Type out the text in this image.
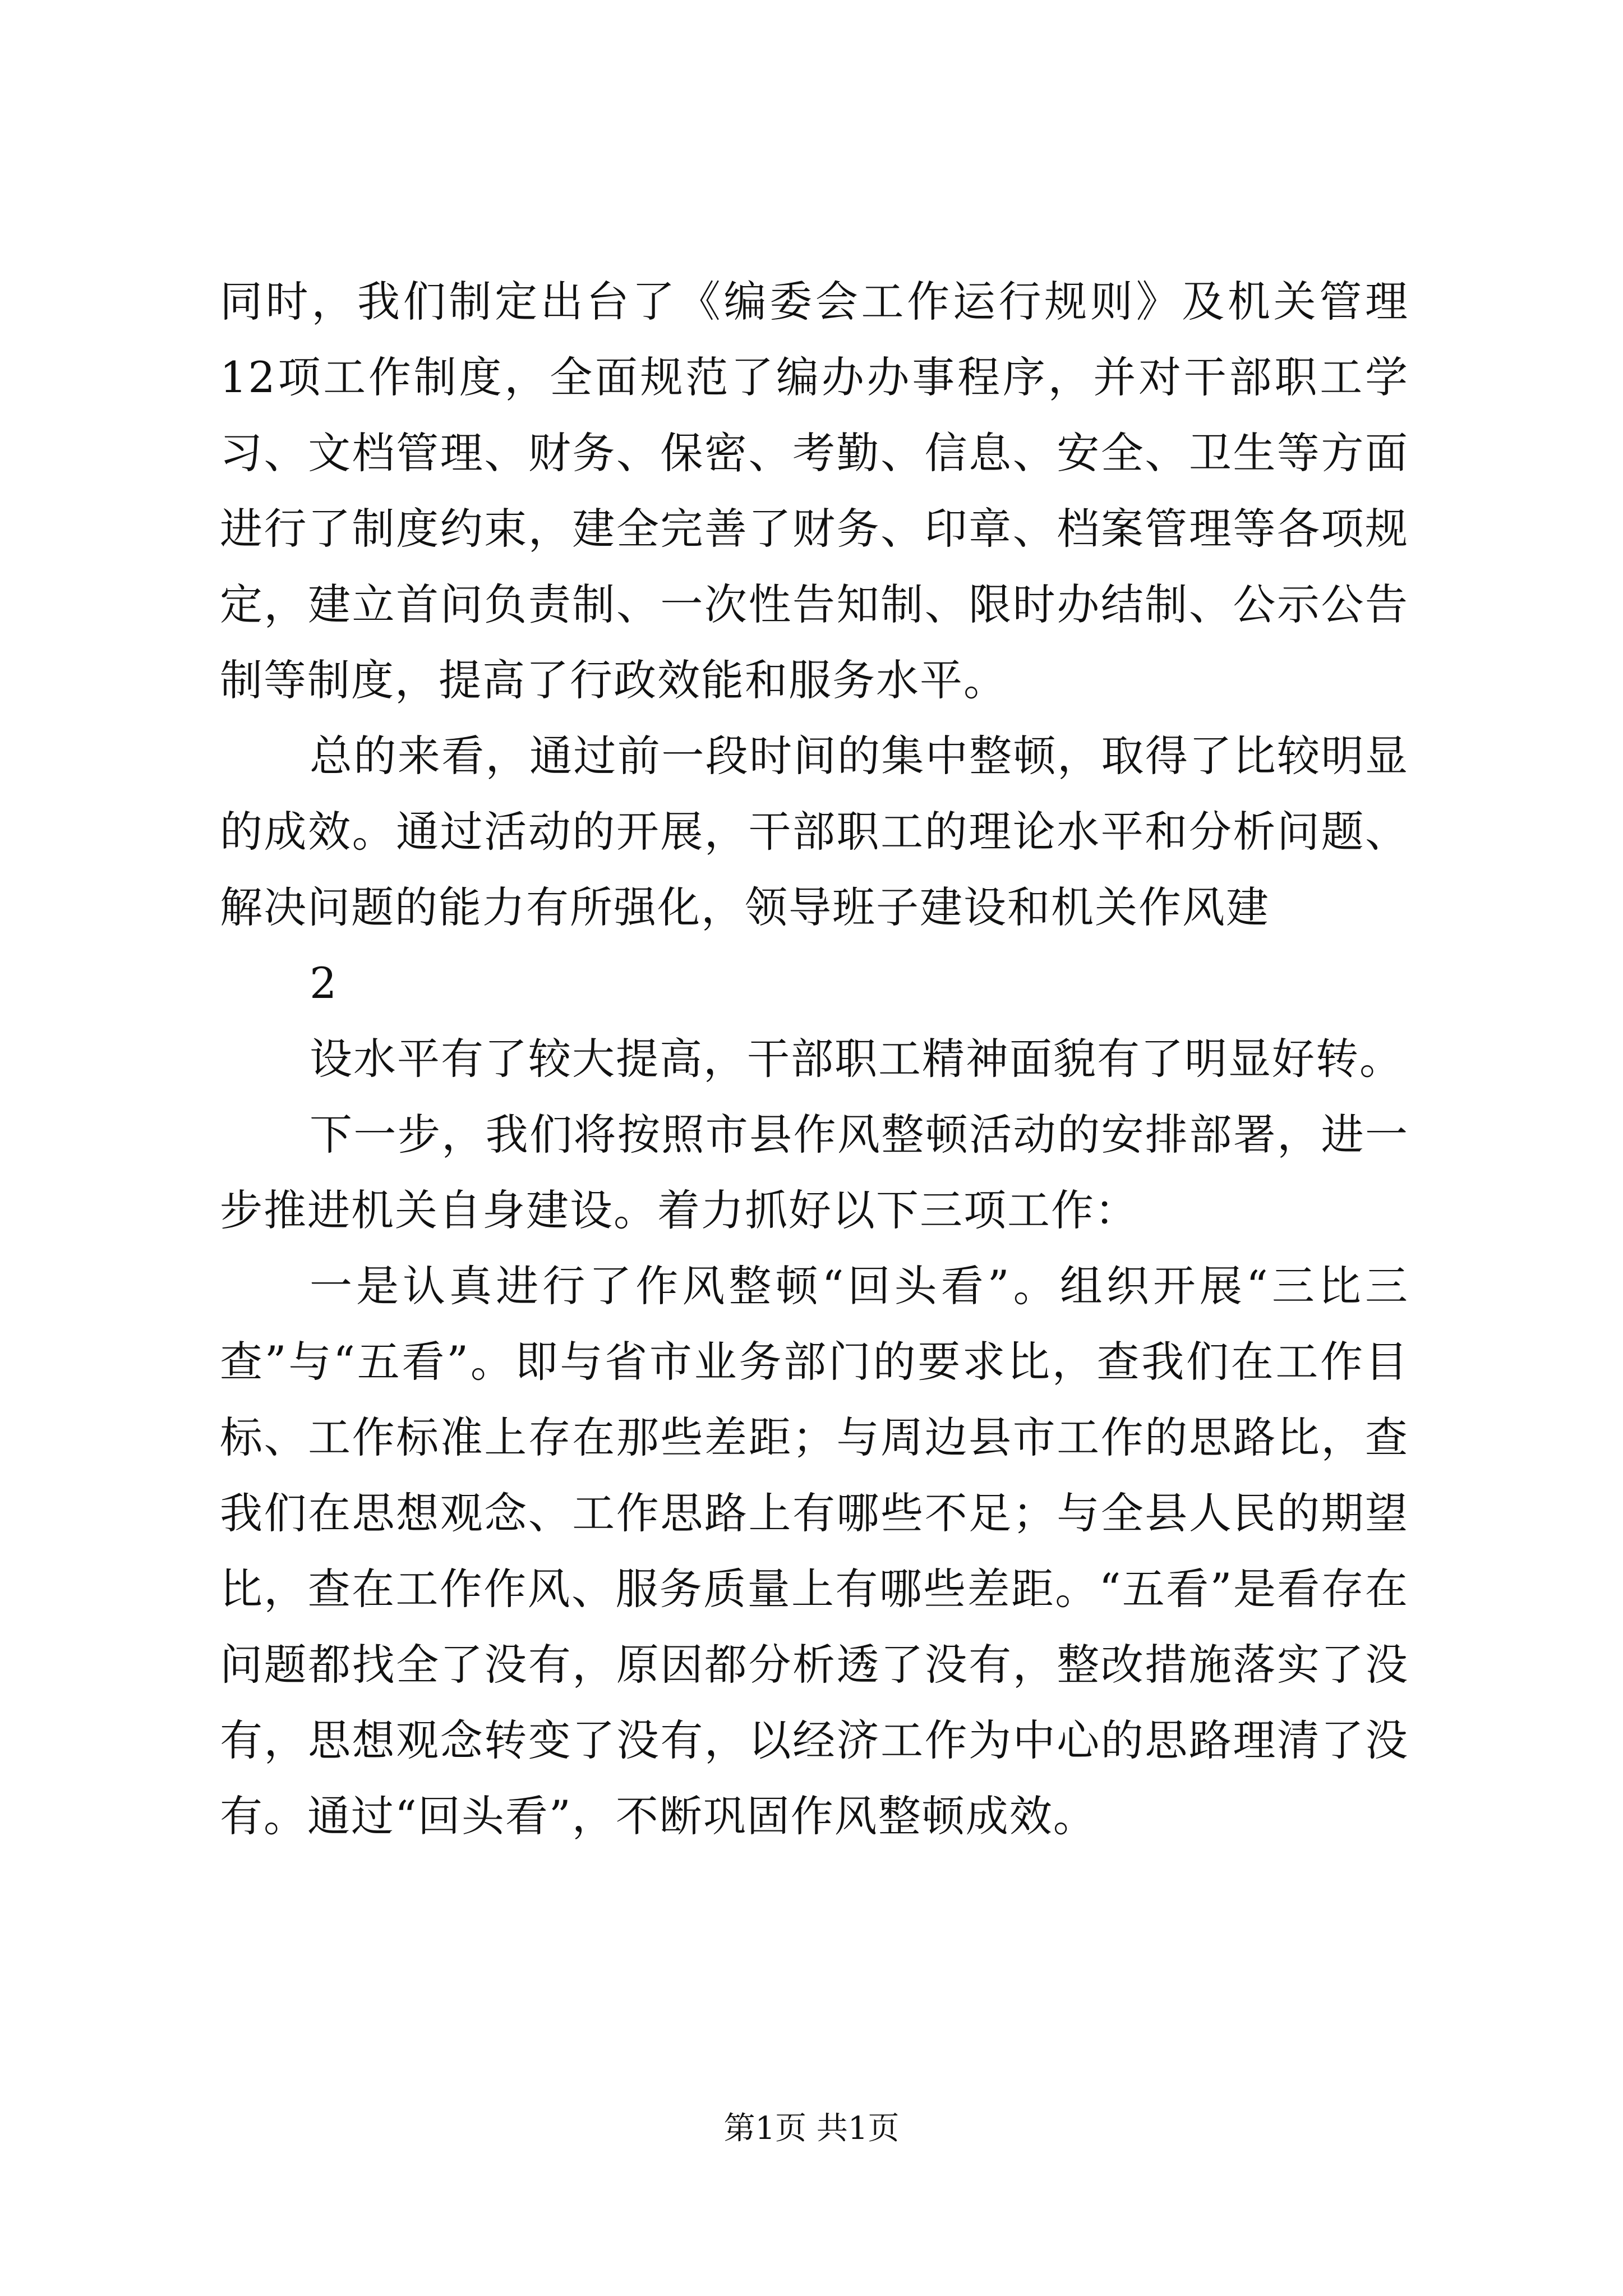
同时，我们制定出台了《编委会工作运行规则》及机关管理12项工作制度，全面规范了编办办事程序，并对干部职工学习、文档管理、财务、保密、考勤、信息、安全、卫生等方面进行了制度约束，建全完善了财务、印章、档案管理等各项规定，建立首问负责制、一次性告知制、限时办结制、公示公告制等制度，提高了行政效能和服务水平。

总的来看，通过前一段时间的集中整顿，取得了比较明显的成效。通过活动的开展，干部职工的理论水平和分析问题、解决问题的能力有所强化，领导班子建设和机关作风建

2

设水平有了较大提高，干部职工精神面貌有了明显好转。

下一步，我们将按照市县作风整顿活动的安排部署，进一步推进机关自身建设。着力抓好以下三项工作：

一是认真进行了作风整顿“回头看”。组织开展“三比三查”与“五看”。即与省市业务部门的要求比，查我们在工作目标、工作标准上存在那些差距；与周边县市工作的思路比，查我们在思想观念、工作思路上有哪些不足；与全县人民的期望比，查在工作作风、服务质量上有哪些差距。“五看”是看存在问题都找全了没有，原因都分析透了没有，整改措施落实了没有，思想观念转变了没有，以经济工作为中心的思路理清了没有。通过“回头看”，不断巩固作风整顿成效。

第1页 共1页
